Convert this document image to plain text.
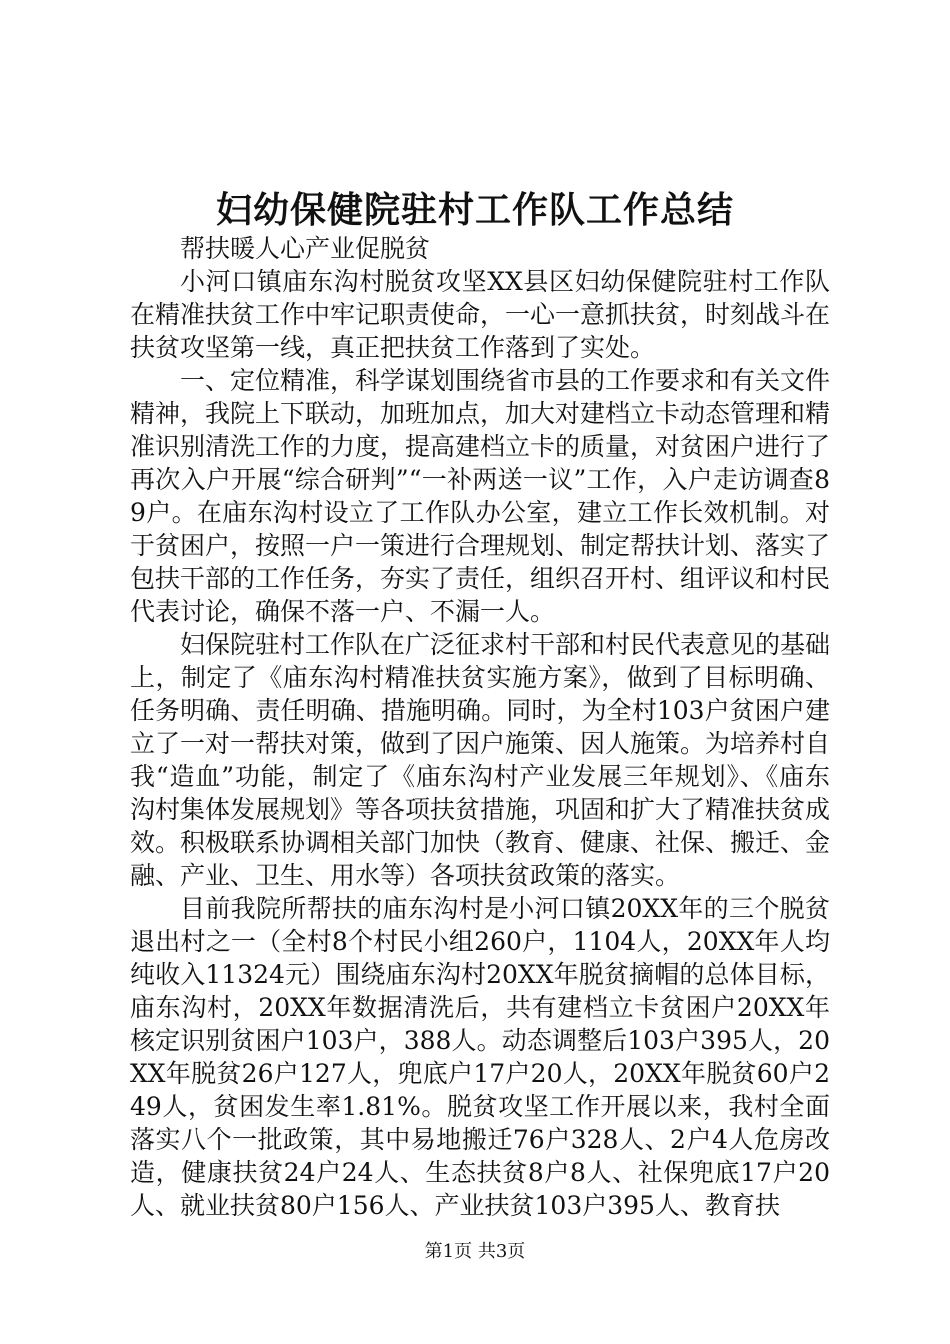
妇幼保健院驻村工作队工作总结

帮扶暖人心产业促脱贫

小河口镇庙东沟村脱贫攻坚XX县区妇幼保健院驻村工作队在精准扶贫工作中牢记职责使命，一心一意抓扶贫，时刻战斗在扶贫攻坚第一线，真正把扶贫工作落到了实处。

一、定位精准，科学谋划围绕省市县的工作要求和有关文件精神，我院上下联动，加班加点，加大对建档立卡动态管理和精准识别清洗工作的力度，提高建档立卡的质量，对贫困户进行了再次入户开展“综合研判”“一补两送一议”工作，入户走访调查89户。在庙东沟村设立了工作队办公室，建立工作长效机制。对于贫困户，按照一户一策进行合理规划、制定帮扶计划、落实了包扶干部的工作任务，夯实了责任，组织召开村、组评议和村民代表讨论，确保不落一户、不漏一人。

妇保院驻村工作队在广泛征求村干部和村民代表意见的基础上，制定了《庙东沟村精准扶贫实施方案》，做到了目标明确、任务明确、责任明确、措施明确。同时，为全村103户贫困户建立了一对一帮扶对策，做到了因户施策、因人施策。为培养村自我“造血”功能，制定了《庙东沟村产业发展三年规划》、《庙东沟村集体发展规划》等各项扶贫措施，巩固和扩大了精准扶贫成效。积极联系协调相关部门加快（教育、健康、社保、搬迁、金融、产业、卫生、用水等）各项扶贫政策的落实。

目前我院所帮扶的庙东沟村是小河口镇20XX年的三个脱贫退出村之一（全村8个村民小组260户，1104人，20XX年人均纯收入11324元）围绕庙东沟村20XX年脱贫摘帽的总体目标，庙东沟村，20XX年数据清洗后，共有建档立卡贫困户20XX年核定识别贫困户103户，388人。动态调整后103户395人，20XX年脱贫26户127人，兜底户17户20人，20XX年脱贫60户249人，贫困发生率1.81%。脱贫攻坚工作开展以来，我村全面落实八个一批政策，其中易地搬迁76户328人、2户4人危房改造，健康扶贫24户24人、生态扶贫8户8人、社保兜底17户20人、就业扶贫80户156人、产业扶贫103户395人、教育扶

第1页 共3页
